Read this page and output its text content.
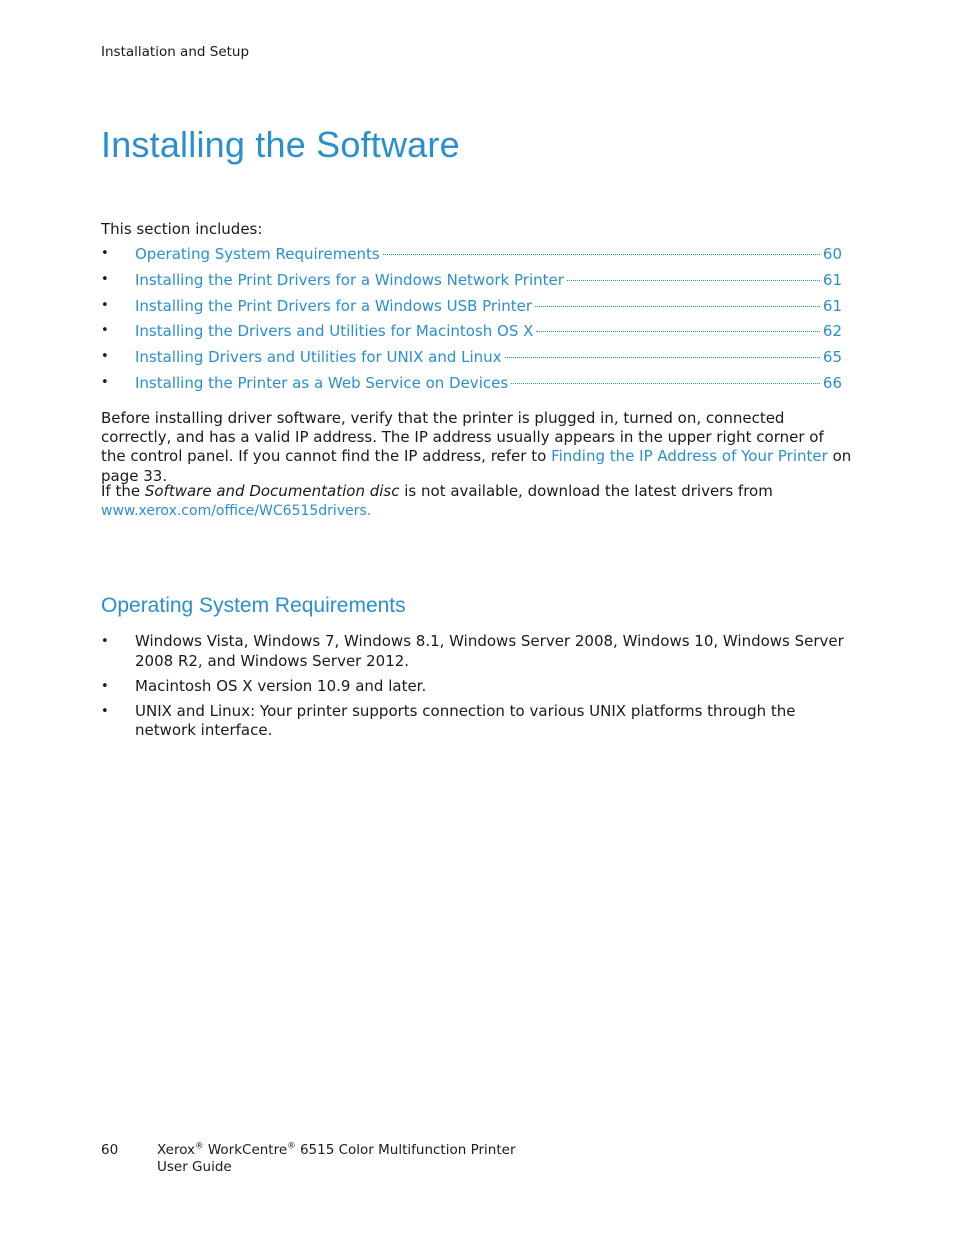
Installation and Setup
Installing the Software
This section includes:
• Operating System Requirements	60
• Installing the Print Drivers for a Windows Network Printer	61
• Installing the Print Drivers for a Windows USB Printer	61
• Installing the Drivers and Utilities for Macintosh OS X	62
• Installing Drivers and Utilities for UNIX and Linux	65
• Installing the Printer as a Web Service on Devices	66

Before installing driver software, verify that the printer is plugged in, turned on, connected correctly, and has a valid IP address. The IP address usually appears in the upper right corner of the control panel. If you cannot find the IP address, refer to Finding the IP Address of Your Printer on page 33.

If the Software and Documentation disc is not available, download the latest drivers from
www.xerox.com/office/WC6515drivers.

Operating System Requirements
• Windows Vista, Windows 7, Windows 8.1, Windows Server 2008, Windows 10, Windows Server 2008 R2, and Windows Server 2012.
• Macintosh OS X version 10.9 and later.
• UNIX and Linux: Your printer supports connection to various UNIX platforms through the network interface.
60	Xerox® WorkCentre® 6515 Color Multifunction Printer
User Guide
